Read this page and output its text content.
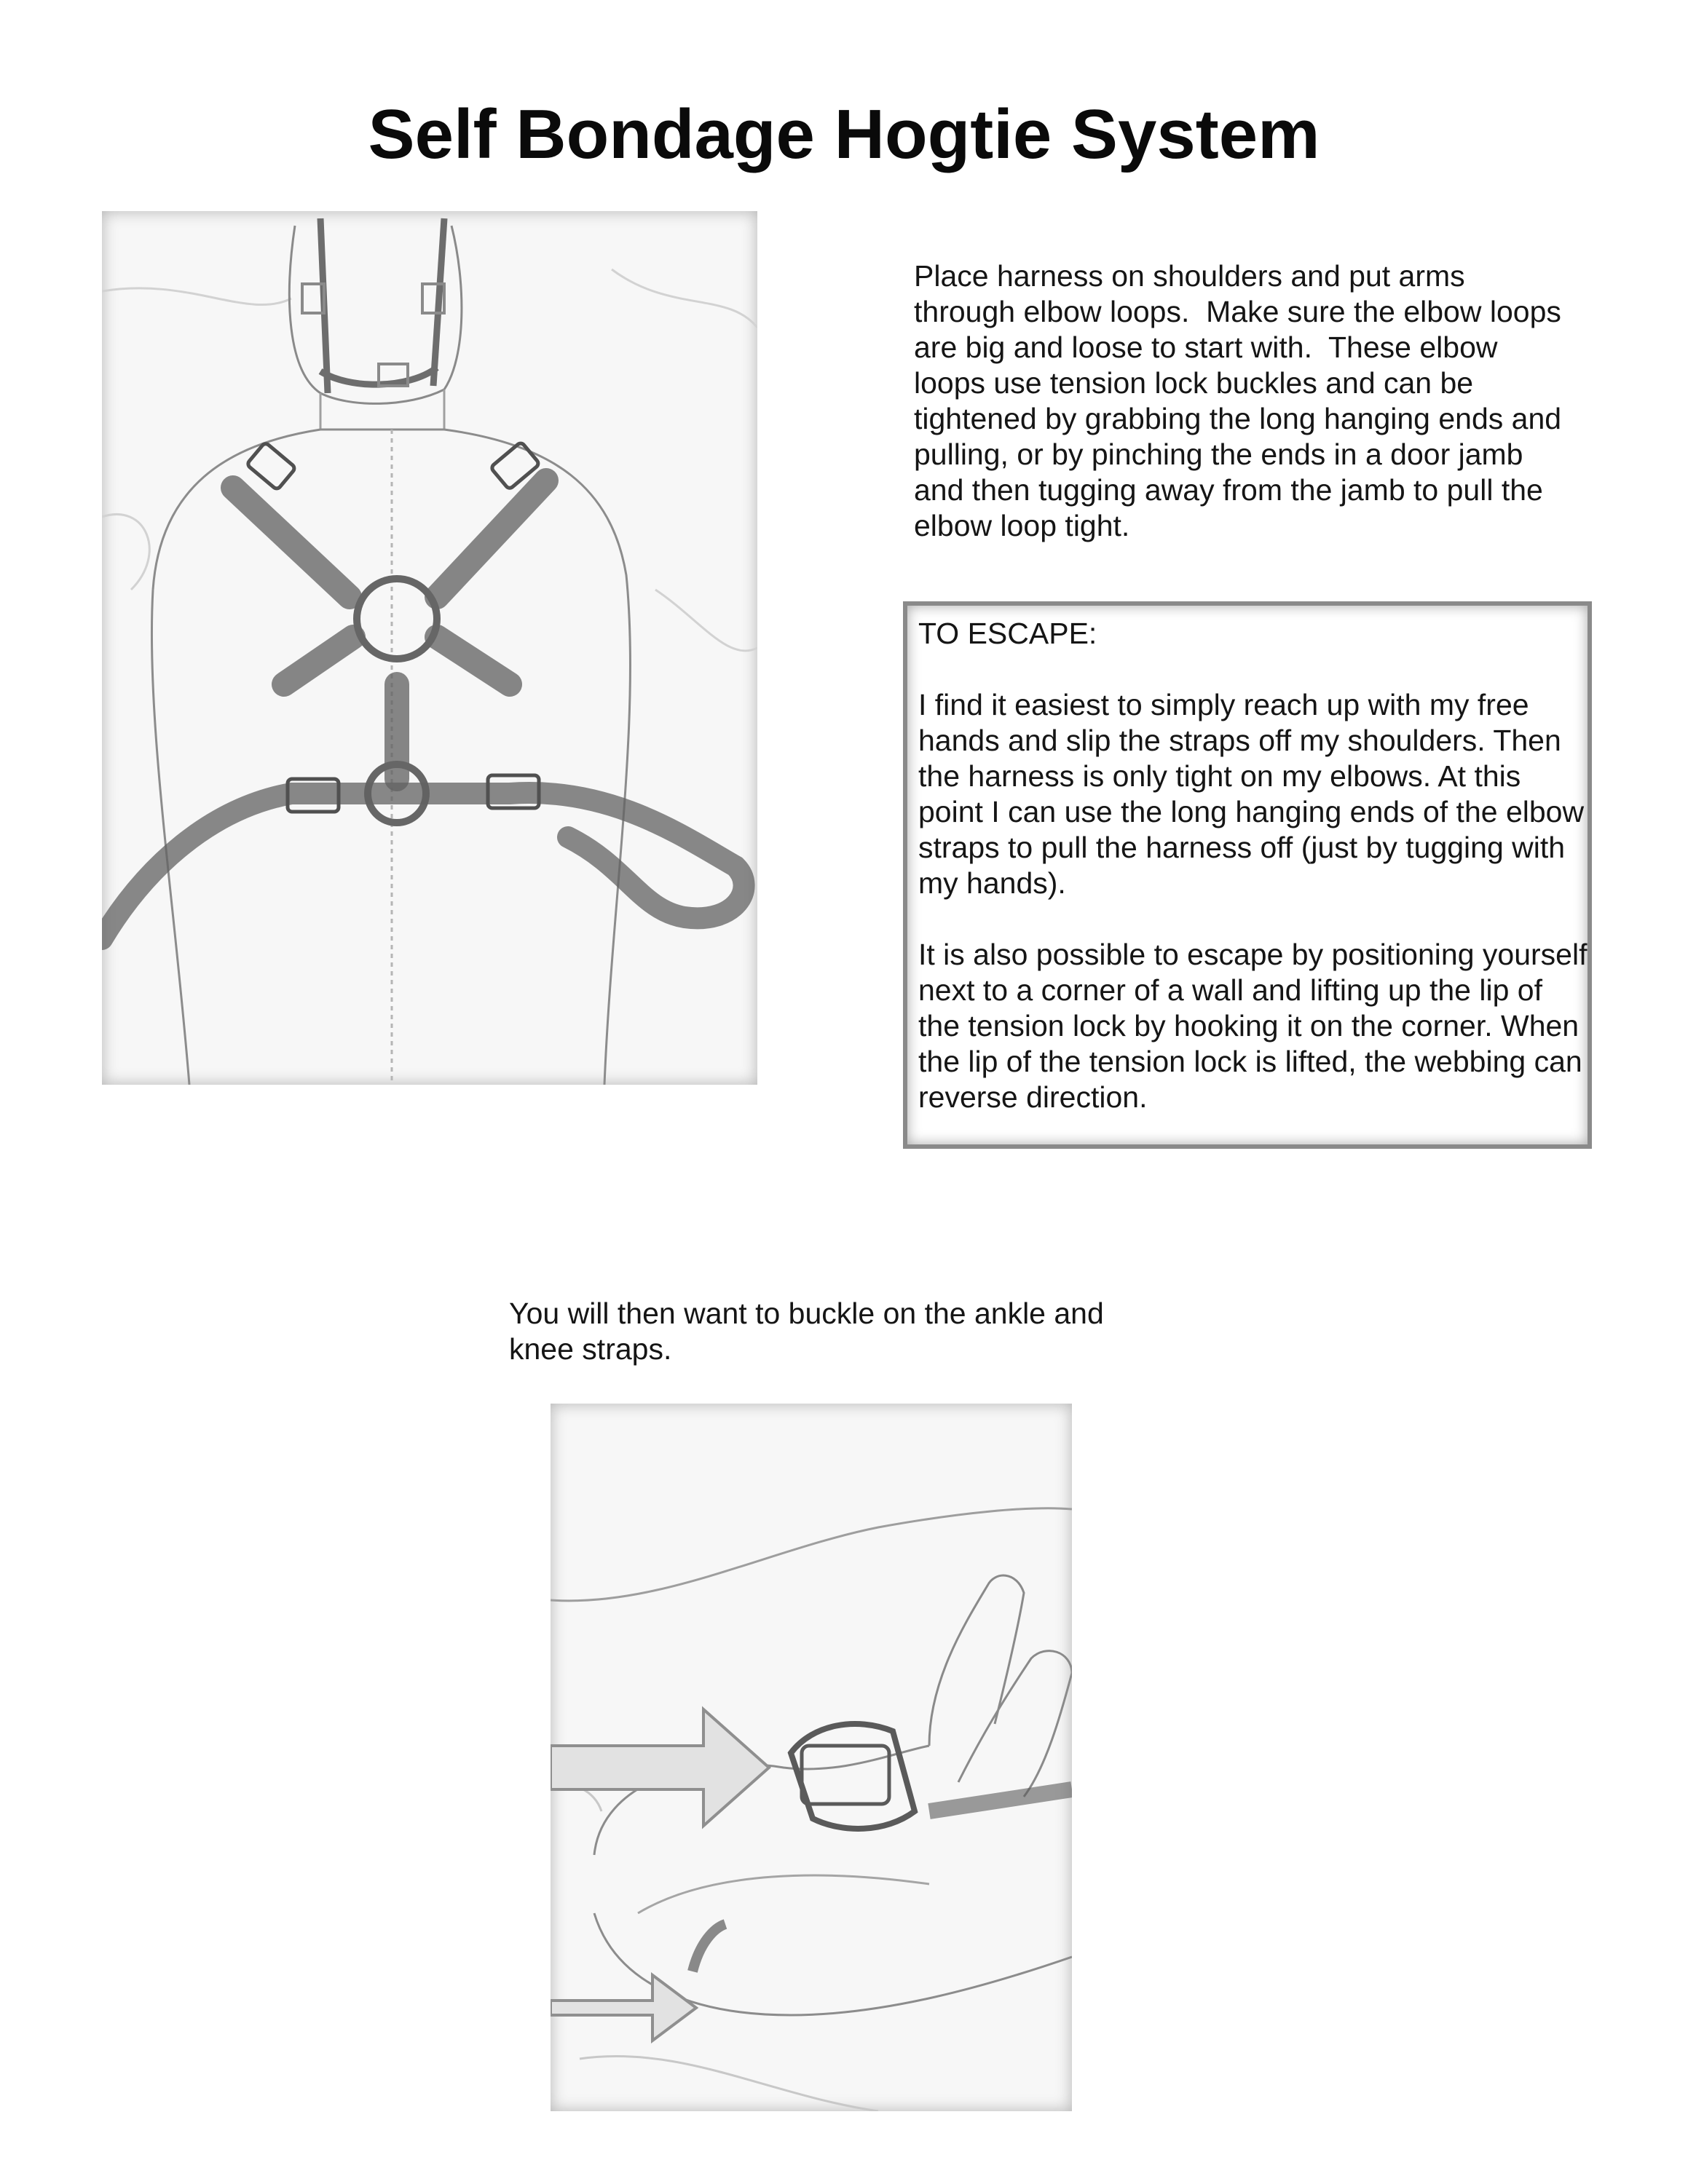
Self Bondage Hogtie System

Place harness on shoulders and put arms through elbow loops.  Make sure the elbow loops are big and loose to start with.  These elbow loops use tension lock buckles and can be tightened by grabbing the long hanging ends and pulling, or by pinching the ends in a door jamb and then tugging away from the jamb to pull the elbow loop tight.

TO ESCAPE:

I find it easiest to simply reach up with my free hands and slip the straps off my shoulders. Then the harness is only tight on my elbows. At this point I can use the long hanging ends of the elbow straps to pull the harness off (just by tugging with my hands).

It is also possible to escape by positioning yourself next to a corner of a wall and lifting up the lip of the tension lock by hooking it on the corner. When the lip of the tension lock is lifted, the webbing can reverse direction.

You will then want to buckle on the ankle and knee straps.
